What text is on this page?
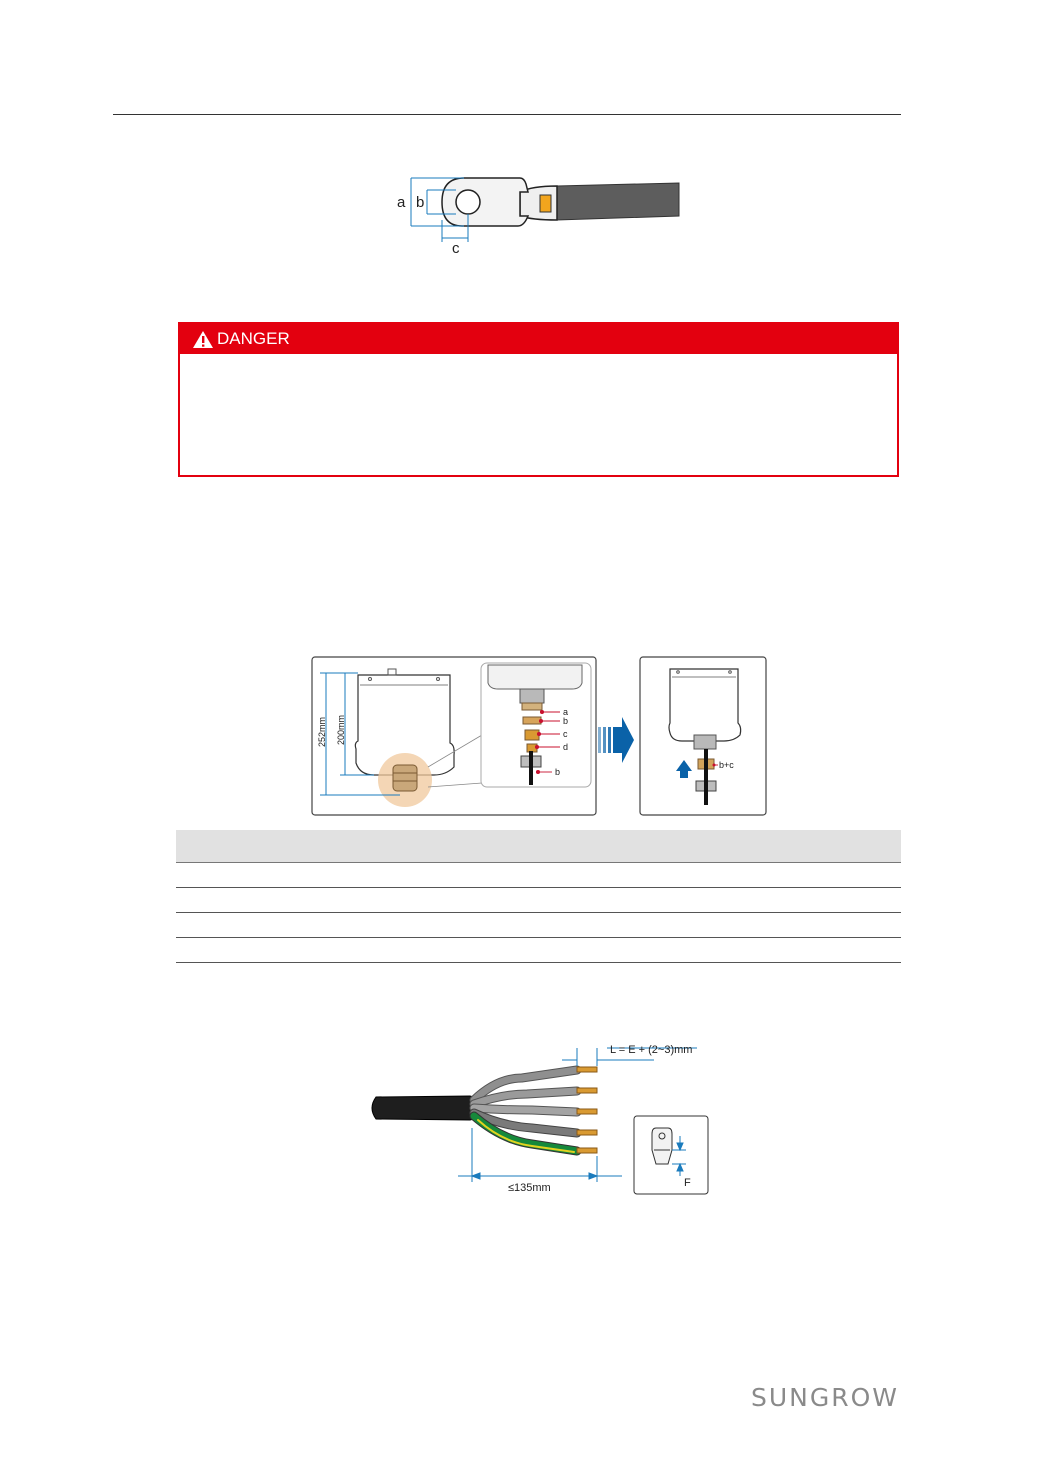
a b
c
DANGER
252mm 200mm
a
b
c
d
b
b+c
L = E + (2~3)mm
≤135mm	F
SUNGROW
